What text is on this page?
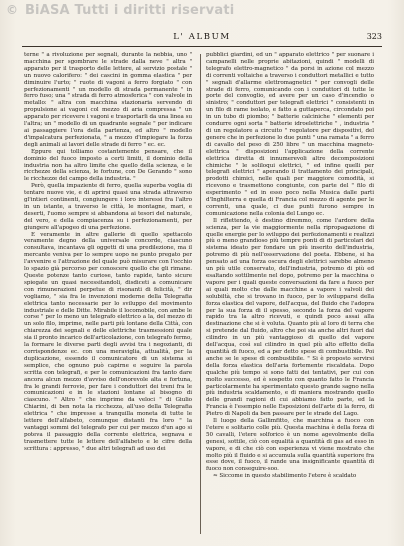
© BiASA Tutti i diritti riservati
L' ALBUM	323

terne " a rivoluzione per segnali, durante la nebbia, uno " macchina per sgombrare le strade dalla neve " altra " apparato per il trasporto delle lettere, al servizio postale " un nuovo calorifero: " dei cascini in gomma elastica " per diminuire l'urto; " ruote di vagoni a ferro forgiato " con perfezionamenti " un modello di strada permanente " in ferro fuso; una " strada di ferro atmosferica " con valvole in metallo: " altra con macchina stazionaria servendo di propulsione ai vagoni col mezzo di aria compressa " un apparato per ricevere i vagoni e trasportarli da una linea su l'altra; un " modello di un quadrante segnale " per indicare ai passaggiere l'ora della partenza, ed altro " modello d'impalcatura perfezionata, " a mezzo d'impiegare la forza degli animali ai lavori delle strade di ferro " ec. ec.

Eppure qui tolliamo costantemente pensare, che il dominio del fuoco imposto a certi limiti, il dominio della industria non ha altro limite che quello della scienza, e le ricchezze della scienza, le fortune, con De Gerando " sono le ricchezze del campo della industria. "

Però, quella impaziente di ferro, quella superba voglia di tentare nuove vie, e di aprirsi quasi una strada attraverso gl'intieri continenti, congiungere i loro interessi fra l'altro in un istante, a traverso le città, le montagne, mari, e deserti, l'uomo sempre si abbandona ai tesori del naturale, del vero, e della compiacenza su i perfezionamenti, per giungere all'apogeo di una perfezione.

E veramente in altre gallerie di quello spettacolo veramente degno della universale concorde, ciascuno consultava, incantava gli oggetti di una predilezione, ma il mercante veniva per lo sempre uopo ne punto pregato per l'avvenire e l'attrazione del quale può misurare con l'occhio lo spazio già percorso per conoscere quello che gli rimane. Queste potenze tanto curiose, tanto rapide, tanto sicure spiegate un quasi necessitandoli, disdiceti a comunicare con rimunerazioni perpetue di risonanti di felicità, " dir vogliamo, " sia fra le invenzioni moderne della Telegrafia elettrica tanto necessarie per lo sviluppo del movimento industriale e delle Ditte. Mirabile il locomobile, con ambe le corse " per lo meno un telegrafo elettrico a la, del mezzo di un solo filo, imprime, nelle parti più lontane della Città, con chiarezza dei segnali e delle elettriche trasmessioni quale sia il pronto incarico dell'articolazione, con telegrafo fermo, la formare le diverse parti degli avvisi tra i negozianti, di corrispondenze ec. con una meraviglia, attualità, per la duplicazione, essendo il comunicatore di un sistema si semplice, che ognuno può capirne e seguire la parola scritta con telegrafi, e per le comunicazioni fra tanto dare ancora alcun mezzo d'avviso dell'onorevole alta e fortuna, fra le grandi ferrovie, per fare i conduttori dei treni fra le comunicazioni e in le stazioni lontane al bisogno di ciascuno. " Altro " che imprime da veloci " di Giulio Chiarini, di ben nota la ricchezza, all'uso della Telegrafia elettrica " che impresse a tranquilla moneta di tutte le lettere dell'alfabeto, comunque distanti fra loro " la vantaggi sommi del telegrafo per cui per mezzo d'un ago si poteva il passaggio della corrente elettrica, segnava e trasmettere tutte le lettere dell'alfabeto e le cifre della scrittura : appresso, " due altri telegrafi ad uso dei

pubblici giardini, ed un " apparato elettrico " per suonare i campanelli nelle proprie abitazioni, quindi " modelli di telegrafo elettro-magnetico " da porsi in azione col mezzo di correnti voltaiche a traverso i conduttori metallici e tutto " segnali d'allarme elettromagnetici " per convogli delle strade di ferro, comunicando con i conduttori di tutte le porte del convoglio, ed avere per un caso d'incendio o sinistro; " conduttori per telegrafi elettrici " consistenti in un filo di rame isolato, e fatto a guttaperca, circondato poi in un tubo di piombo; " batterie calciniche " elementi per condurre ogni sorta " batterie idroelettriche " , industria " di un regolatore a circuito " regolatore per dispositivi, del genere che in perfezione lo due punti " una ramata " a ferro di cavallo del peso di 250 libre " un macchina magneto-elettrica " disposizioni l'applicazione della corrente elettrica diretta di innumerevoli altre decomposizioni chimiche " le soliloqui elettrici, " ed infine quelli per telegrafi elettrici " aperando il trattamento dei principali, prodotti chimici, nelle quali per maggiore comodità, si ricevono e trasmettono congiunte, con parte del " filo di esperimento " ed in esso poco nella Musica dalle parti d'Inghilterra e quella di Francia col mezzo di agente per le correnti, una quale, ci due punti furono sempre in comunicazione nella colonia del Lungo ec.

Il riflettendo, è destino diremmo, come l'ardore della scienza, per la vie maggiormente nella ripropagazione di quelle energie per lo sviluppo dei perfezionamenti e realizzi più o meno grandioso più tempre ponti di di particolari del sistema ideato per fondare un più inserito dell'industria, potremo di più nell'osservazione del poeta. Ebbene, si ha pensato ad una forza oscura degli elettrici sarebbe almeno un più utile conservato, dell'industria, potremo di più ed esaltando sottilmente nel dopo, potremo per la macchina o vapore per i quali queste conversazioni da fare a fuoco per ai quali molto che dalle macchine a vapore i valvoli dei solubiltà, che si trovano in fuoco, per lo svilupparsi della forza elastica del vapore, dell'acqua, del fluido che l'adopra per la sua forza di il spesso, secondo la forza del vapore rapido tra la altro ricevuti, e quindi poco assai alla destinazione che si è voluta. Quanto più al loro di terra che si pretende dal fluido, altro che poi sia anche altri fuori dal cilindro in un più vantaggioso di quello del vapore dell'acqua, così sul cilindro in quel più alto effetto della quantità di fuoco, ed a per detto spese di combustibile. Poi anche se le spese di combustibile. " Si è proposto servirsi della forza elastica dell'aria fortemente riscaldata. Dopo qualche più tempo si sono fatti dei tentativi, per cui con molto successo, ed è sospetto con quanto fatto le Francia particolarmente ha sperimentato questo grande sagno nella più industria scaldamento, e di maniera mostrando quello delle grandi ragioni di cui abbiamo fatto parte, ed la Francia è l'esempio nelle Esposizioni dell'arte di la ferro, di Pietro di Napoli da ben passare per le strade del Lago.

Il luogo della Gallimfitto, che marchina a fuoco con l'etere e solitario colle più. Questa machina è della forza di 50 cavalli, l'etere solforico è un nome agevolmente della genesi, sottile, ciò con equalità a quantità di gas ad esso in vapore, e di che ciò con esperienza vi viene mostrato che molto più il fluido e si accumula sulla quantità superiore fra esse dove, il fuoco, il rande una insignificante quantità di fuoco non conseguire-soo.

≈ Siccome in questo stabilimento l'etere è scaldato
